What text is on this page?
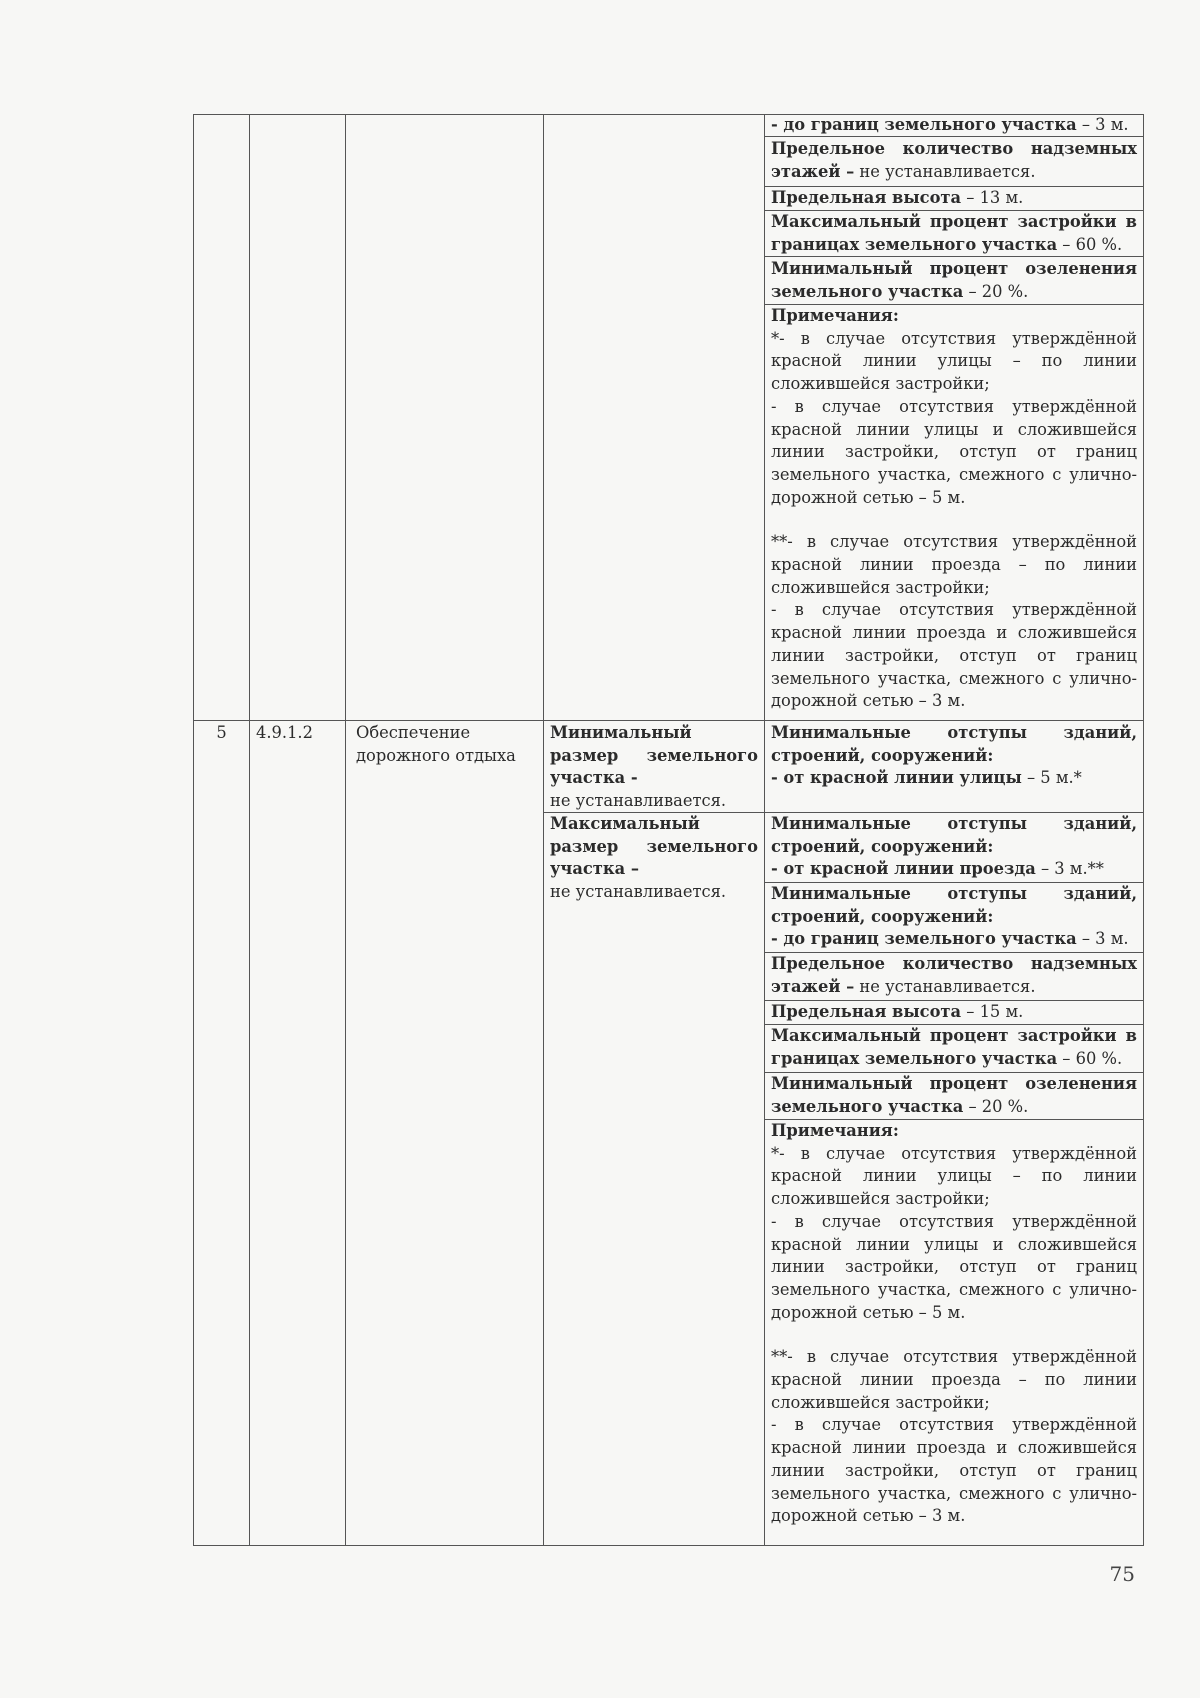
- до границ земельного участка – 3 м.
Предельное количество надземных этажей – не устанавливается.
Предельная высота – 13 м.
Максимальный процент застройки в границах земельного участка – 60 %.
Минимальный процент озеленения земельного участка – 20 %.
Примечания:
*- в случае отсутствия утверждённой красной линии улицы – по линии сложившейся застройки;
- в случае отсутствия утверждённой красной линии улицы и сложившейся линии застройки, отступ от границ земельного участка, смежного с улично-дорожной сетью – 5 м.
**- в случае отсутствия утверждённой красной линии проезда – по линии сложившейся застройки;
- в случае отсутствия утверждённой красной линии проезда и сложившейся линии застройки, отступ от границ земельного участка, смежного с улично-дорожной сетью – 3 м.
5	4.9.1.2	Обеспечение дорожного отдыха
Минимальный размер земельного участка -
не устанавливается.
Максимальный размер земельного участка –
не устанавливается.
Минимальные отступы зданий, строений, сооружений:
- от красной линии улицы – 5 м.*
Минимальные отступы зданий, строений, сооружений:
- от красной линии проезда – 3 м.**
Минимальные отступы зданий, строений, сооружений:
- до границ земельного участка – 3 м.
Предельное количество надземных этажей – не устанавливается.
Предельная высота – 15 м.
Максимальный процент застройки в границах земельного участка – 60 %.
Минимальный процент озеленения земельного участка – 20 %.
Примечания:
*- в случае отсутствия утверждённой красной линии улицы – по линии сложившейся застройки;
- в случае отсутствия утверждённой красной линии улицы и сложившейся линии застройки, отступ от границ земельного участка, смежного с улично-дорожной сетью – 5 м.
**- в случае отсутствия утверждённой красной линии проезда – по линии сложившейся застройки;
- в случае отсутствия утверждённой красной линии проезда и сложившейся линии застройки, отступ от границ земельного участка, смежного с улично-дорожной сетью – 3 м.
75
